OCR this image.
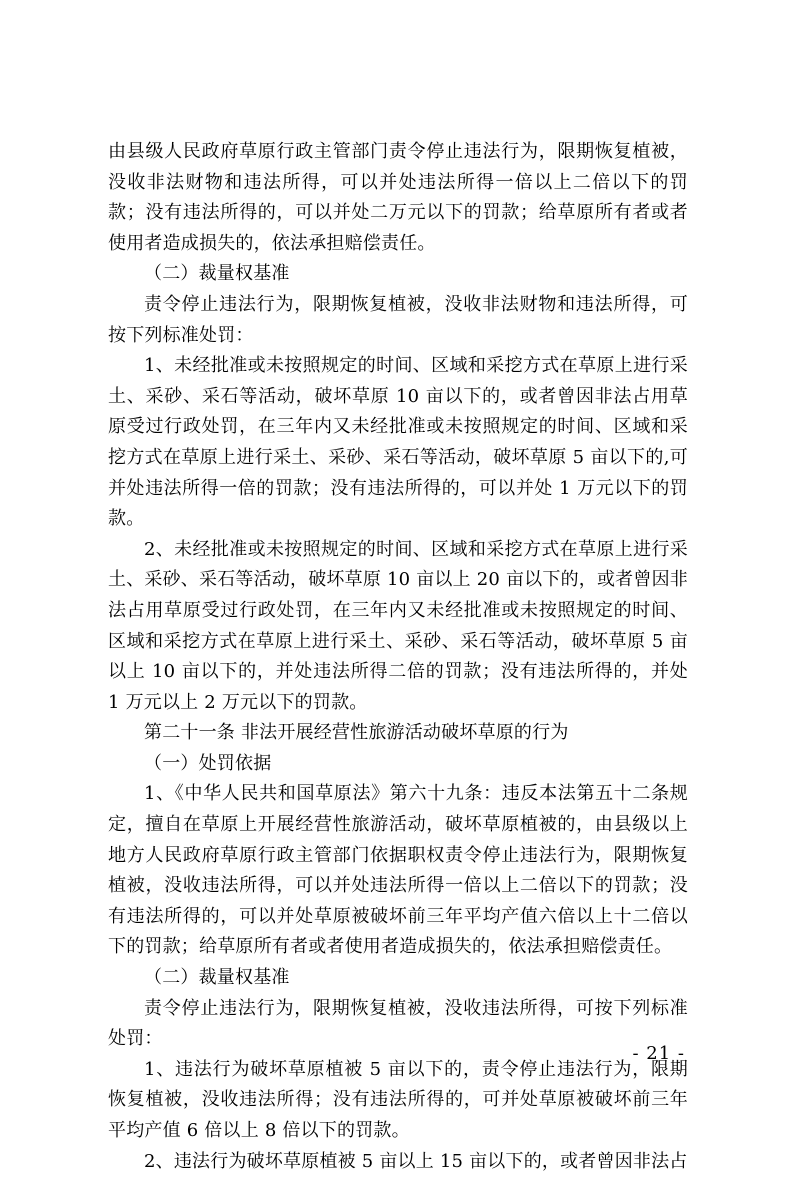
由县级人民政府草原行政主管部门责令停止违法行为，限期恢复植被，没收非法财物和违法所得，可以并处违法所得一倍以上二倍以下的罚款；没有违法所得的，可以并处二万元以下的罚款；给草原所有者或者使用者造成损失的，依法承担赔偿责任。

（二）裁量权基准

责令停止违法行为，限期恢复植被，没收非法财物和违法所得，可按下列标准处罚：

1、未经批准或未按照规定的时间、区域和采挖方式在草原上进行采土、采砂、采石等活动，破坏草原 10 亩以下的，或者曾因非法占用草原受过行政处罚，在三年内又未经批准或未按照规定的时间、区域和采挖方式在草原上进行采土、采砂、采石等活动，破坏草原 5 亩以下的,可并处违法所得一倍的罚款；没有违法所得的，可以并处 1 万元以下的罚款。

2、未经批准或未按照规定的时间、区域和采挖方式在草原上进行采土、采砂、采石等活动，破坏草原 10 亩以上 20 亩以下的，或者曾因非法占用草原受过行政处罚，在三年内又未经批准或未按照规定的时间、区域和采挖方式在草原上进行采土、采砂、采石等活动，破坏草原 5 亩以上 10 亩以下的，并处违法所得二倍的罚款；没有违法所得的，并处 1 万元以上 2 万元以下的罚款。

第二十一条 非法开展经营性旅游活动破坏草原的行为

（一）处罚依据

1、《中华人民共和国草原法》第六十九条：违反本法第五十二条规定，擅自在草原上开展经营性旅游活动，破坏草原植被的，由县级以上地方人民政府草原行政主管部门依据职权责令停止违法行为，限期恢复植被，没收违法所得，可以并处违法所得一倍以上二倍以下的罚款；没有违法所得的，可以并处草原被破坏前三年平均产值六倍以上十二倍以下的罚款；给草原所有者或者使用者造成损失的，依法承担赔偿责任。

（二）裁量权基准

责令停止违法行为，限期恢复植被，没收违法所得，可按下列标准处罚：

1、违法行为破坏草原植被 5 亩以下的，责令停止违法行为，限期恢复植被，没收违法所得；没有违法所得的，可并处草原被破坏前三年平均产值 6 倍以上 8 倍以下的罚款。

2、违法行为破坏草原植被 5 亩以上 15 亩以下的，或者曾因非法占

- 21 -
